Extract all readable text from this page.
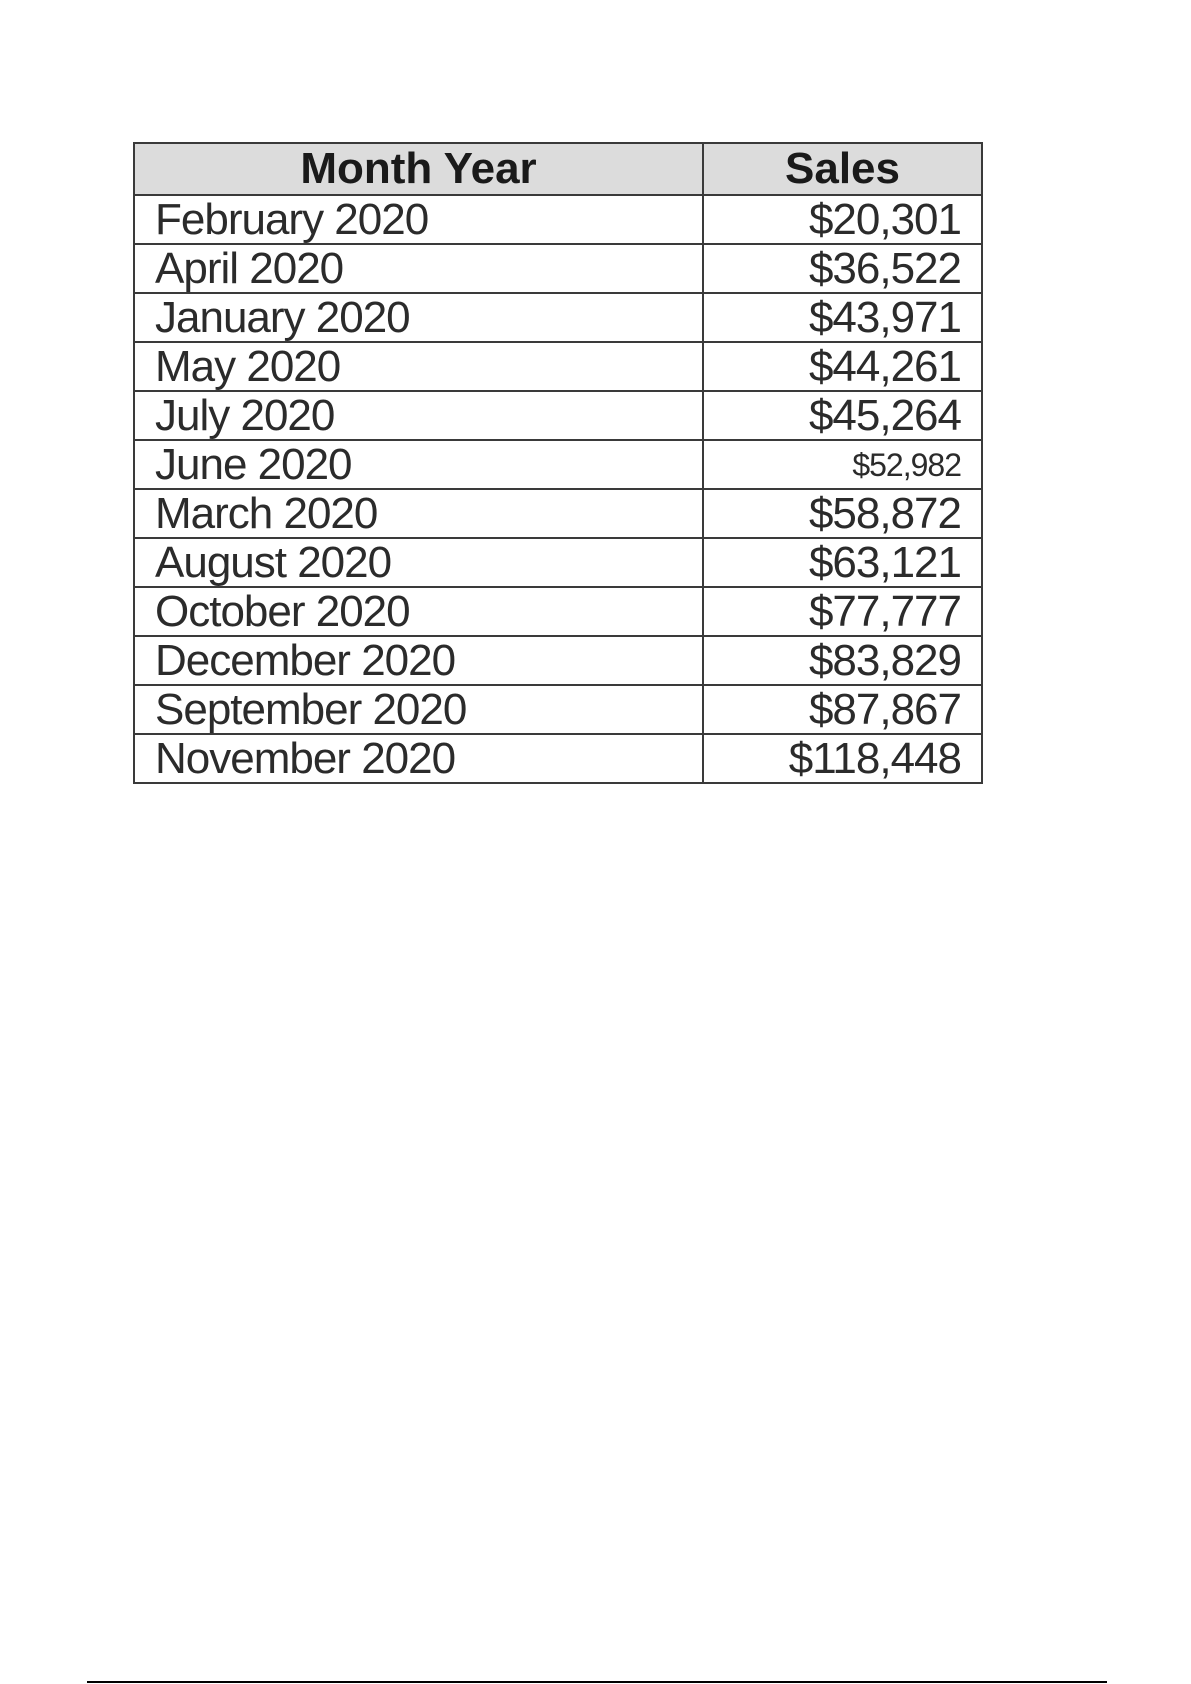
Month Year	Sales
February 2020	$20,301
April 2020	$36,522
January 2020	$43,971
May 2020	$44,261
July 2020	$45,264
June 2020	$52,982
March 2020	$58,872
August 2020	$63,121
October 2020	$77,777
December 2020	$83,829
September 2020	$87,867
November 2020	$118,448
